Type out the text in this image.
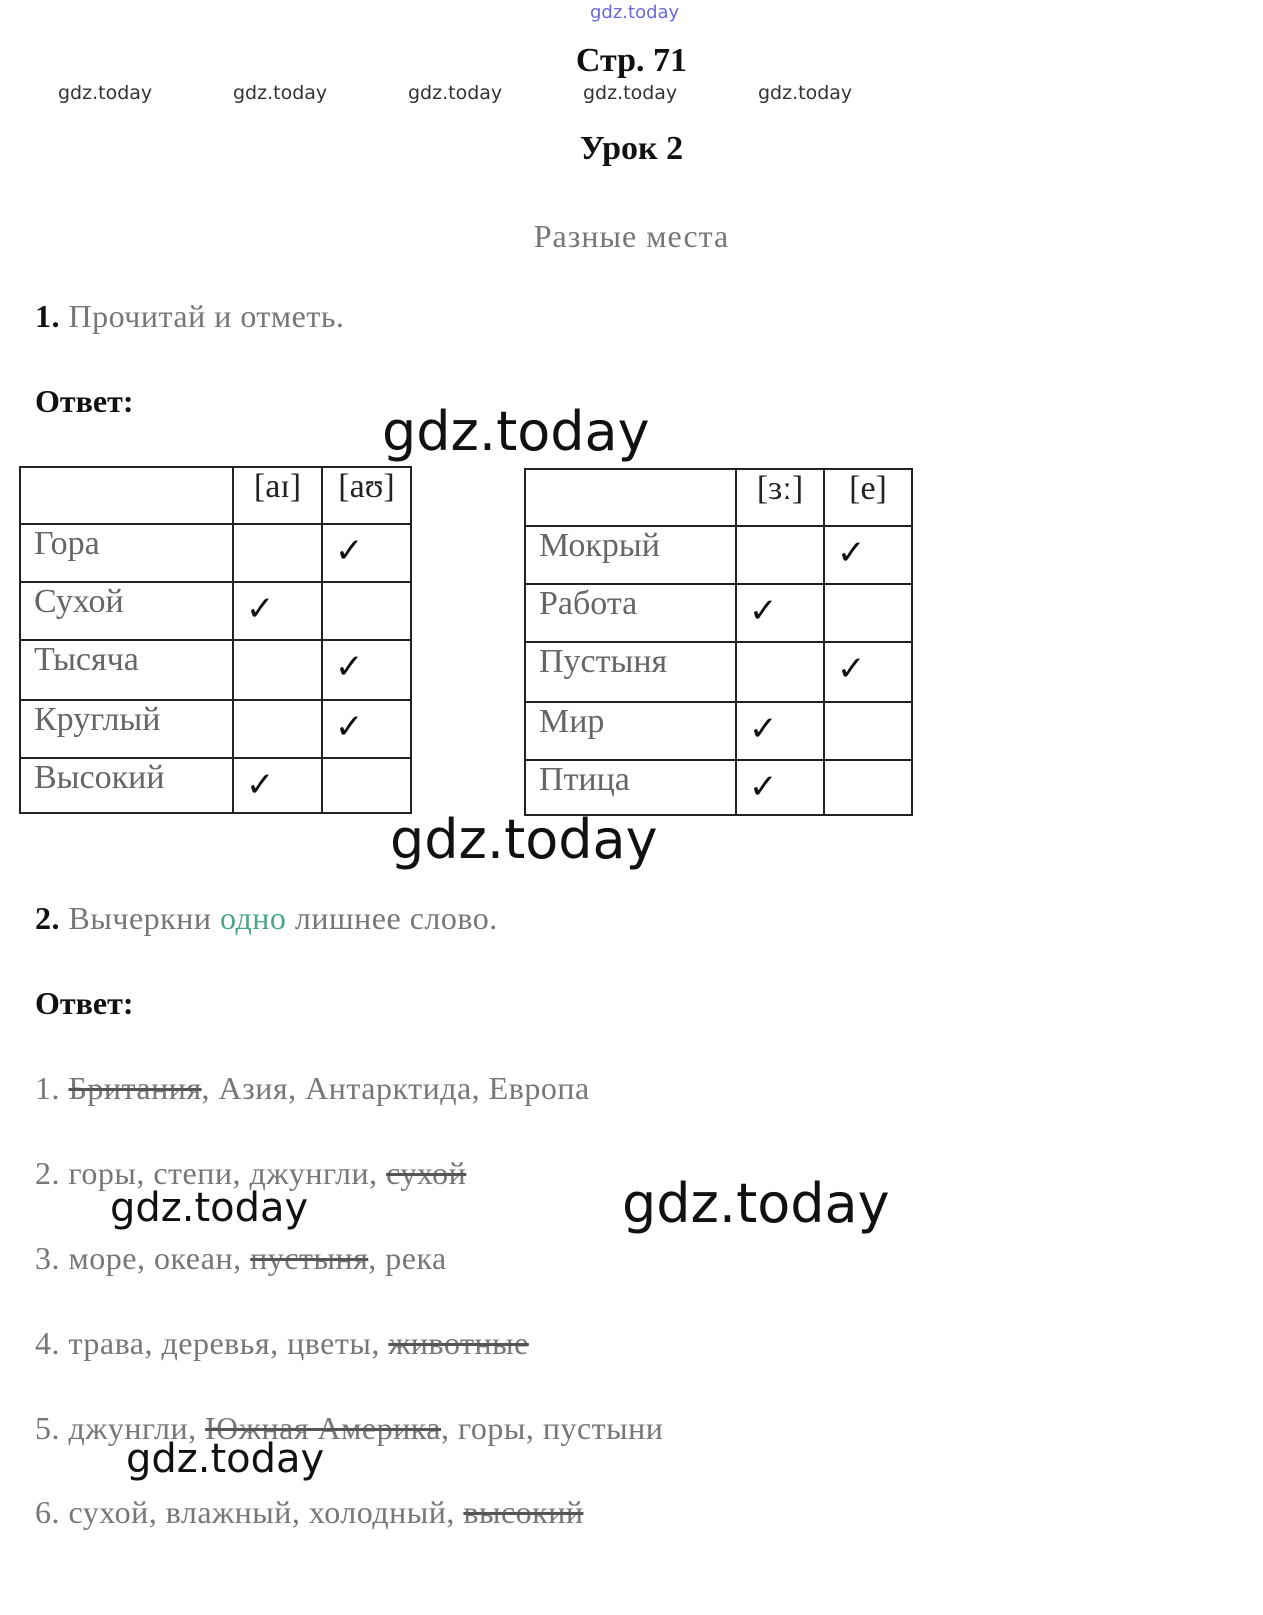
gdz.today
gdz.today	gdz.today	gdz.today	gdz.today	gdz.today
Стр. 71
Урок 2
Разные места
1. Прочитай и отметь.
Ответ:	gdz.today
	[aɪ]	[aʊ]
Гора		✓
Сухой	✓	
Тысяча		✓
Круглый		✓
Высокий	✓	
	[ɜː]	[e]
Мокрый		✓
Работа	✓	
Пустыня		✓
Мир	✓	
Птица	✓	
gdz.today
2. Вычеркни одно лишнее слово.
Ответ:
1. Британия, Азия, Антарктида, Европа
2. горы, степи, джунгли, сухой
3. море, океан, пустыня, река
4. трава, деревья, цветы, животные
5. джунгли, Южная Америка, горы, пустыни
6. сухой, влажный, холодный, высокий
gdz.today	gdz.today
gdz.today
